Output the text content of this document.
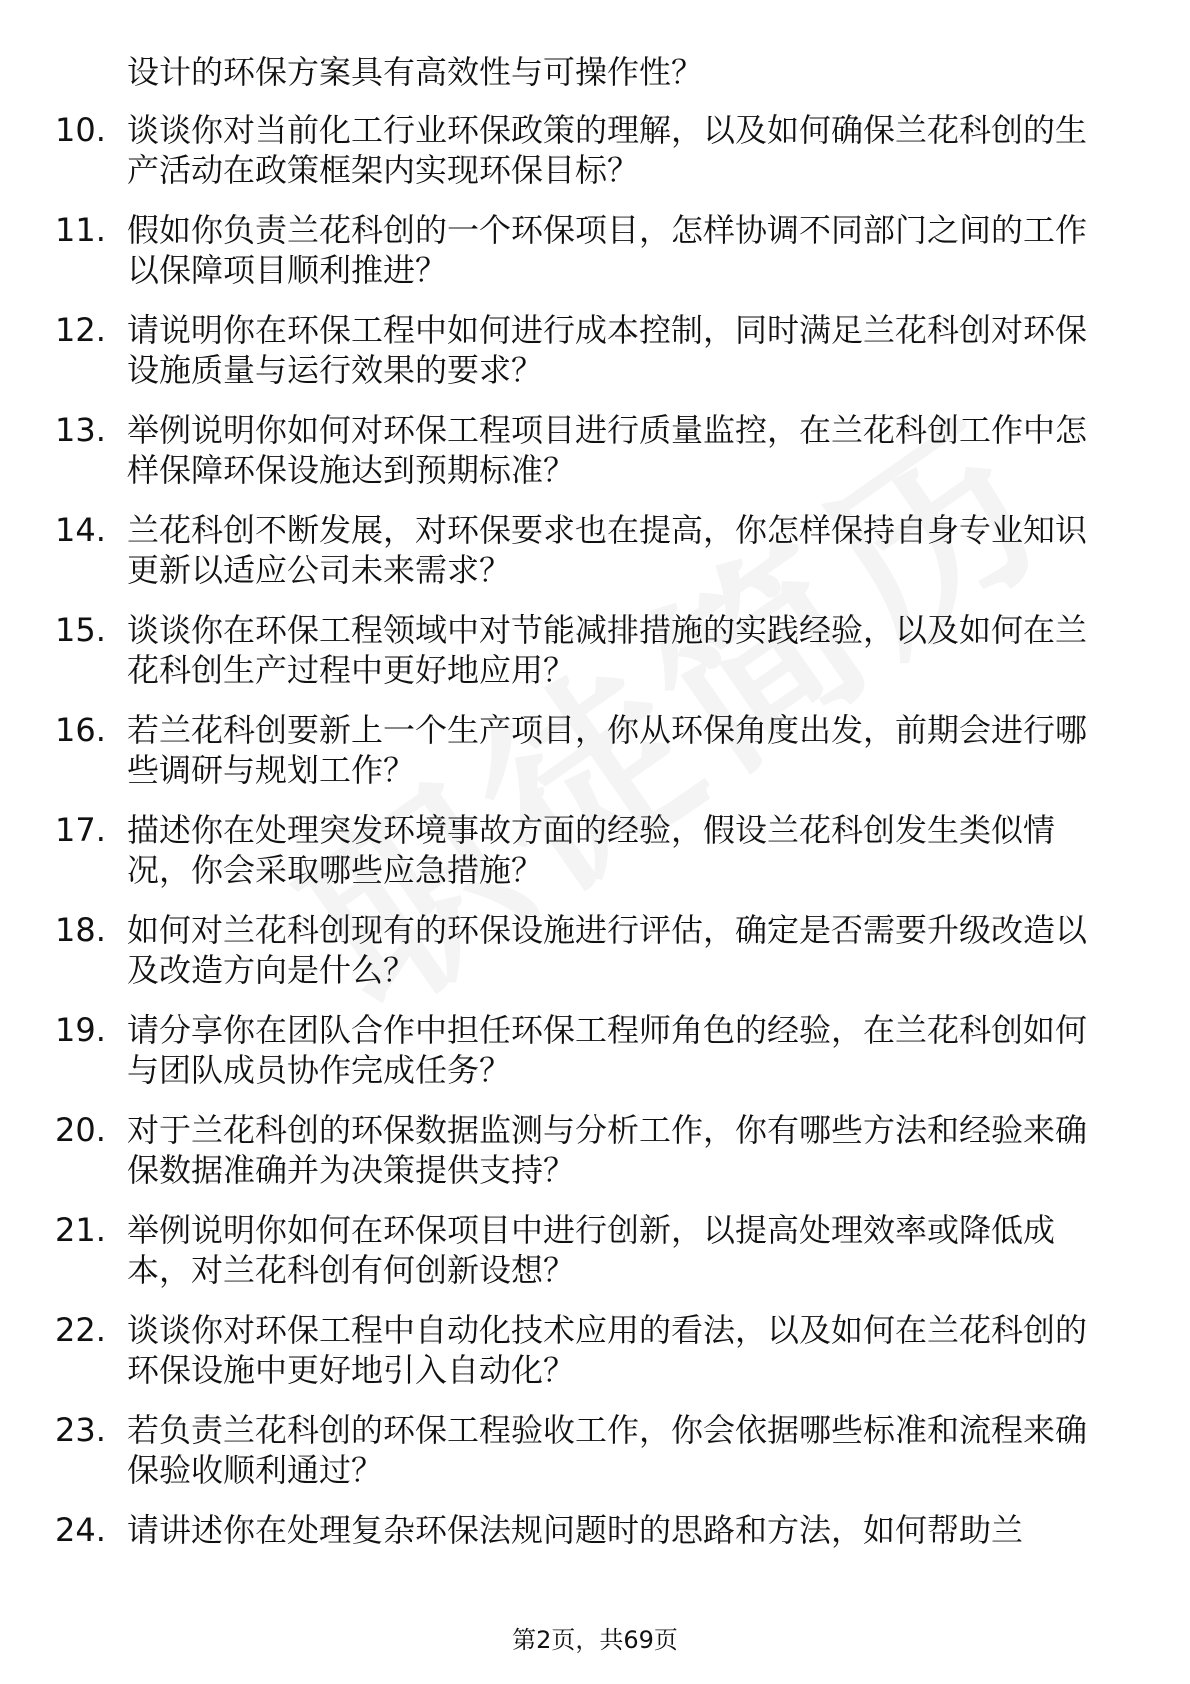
设计的环保方案具有高效性与可操作性？
10. 谈谈你对当前化工行业环保政策的理解，以及如何确保兰花科创的生产活动在政策框架内实现环保目标？
11. 假如你负责兰花科创的一个环保项目，怎样协调不同部门之间的工作以保障项目顺利推进？
12. 请说明你在环保工程中如何进行成本控制，同时满足兰花科创对环保设施质量与运行效果的要求？
13. 举例说明你如何对环保工程项目进行质量监控，在兰花科创工作中怎样保障环保设施达到预期标准？
14. 兰花科创不断发展，对环保要求也在提高，你怎样保持自身专业知识更新以适应公司未来需求？
15. 谈谈你在环保工程领域中对节能减排措施的实践经验，以及如何在兰花科创生产过程中更好地应用？
16. 若兰花科创要新上一个生产项目，你从环保角度出发，前期会进行哪些调研与规划工作？
17. 描述你在处理突发环境事故方面的经验，假设兰花科创发生类似情况，你会采取哪些应急措施？
18. 如何对兰花科创现有的环保设施进行评估，确定是否需要升级改造以及改造方向是什么？
19. 请分享你在团队合作中担任环保工程师角色的经验，在兰花科创如何与团队成员协作完成任务？
20. 对于兰花科创的环保数据监测与分析工作，你有哪些方法和经验来确保数据准确并为决策提供支持？
21. 举例说明你如何在环保项目中进行创新，以提高处理效率或降低成本，对兰花科创有何创新设想？
22. 谈谈你对环保工程中自动化技术应用的看法，以及如何在兰花科创的环保设施中更好地引入自动化？
23. 若负责兰花科创的环保工程验收工作，你会依据哪些标准和流程来确保验收顺利通过？
24. 请讲述你在处理复杂环保法规问题时的思路和方法，如何帮助兰
第2页，共69页
